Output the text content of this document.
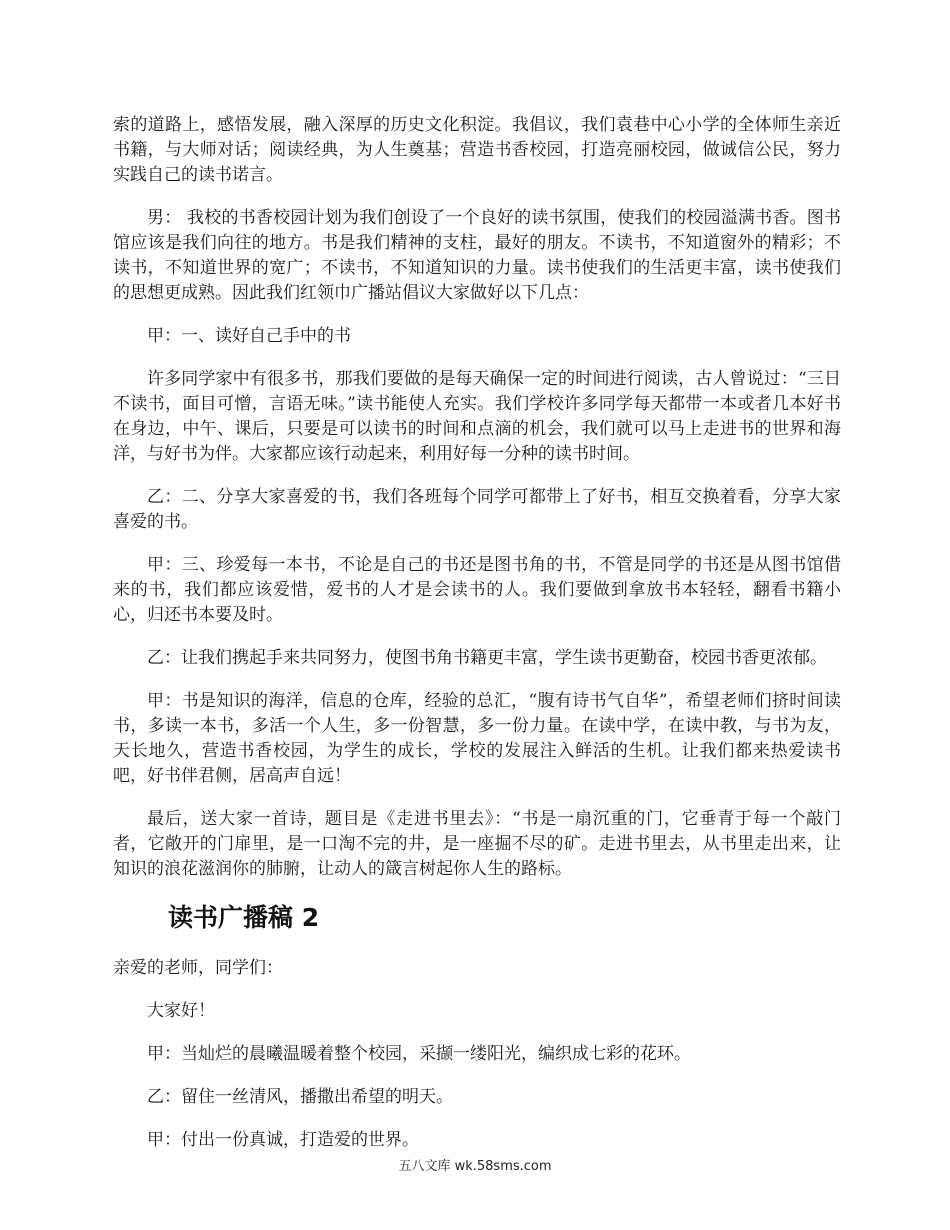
索的道路上，感悟发展，融入深厚的历史文化积淀。我倡议，我们袁巷中心小学的全体师生亲近书籍，与大师对话；阅读经典，为人生奠基；营造书香校园，打造亮丽校园，做诚信公民，努力实践自己的读书诺言。

男： 我校的书香校园计划为我们创设了一个良好的读书氛围，使我们的校园溢满书香。图书馆应该是我们向往的地方。书是我们精神的支柱，最好的朋友。不读书，不知道窗外的精彩；不读书，不知道世界的宽广；不读书，不知道知识的力量。读书使我们的生活更丰富，读书使我们的思想更成熟。因此我们红领巾广播站倡议大家做好以下几点：

甲：一、读好自己手中的书

许多同学家中有很多书，那我们要做的是每天确保一定的时间进行阅读，古人曾说过：“三日不读书，面目可憎，言语无味。”读书能使人充实。我们学校许多同学每天都带一本或者几本好书在身边，中午、课后，只要是可以读书的时间和点滴的机会，我们就可以马上走进书的世界和海洋，与好书为伴。大家都应该行动起来，利用好每一分种的读书时间。

乙：二、分享大家喜爱的书，我们各班每个同学可都带上了好书，相互交换着看，分享大家喜爱的书。

甲：三、珍爱每一本书，不论是自己的书还是图书角的书，不管是同学的书还是从图书馆借来的书，我们都应该爱惜，爱书的人才是会读书的人。我们要做到拿放书本轻轻，翻看书籍小心，归还书本要及时。

乙：让我们携起手来共同努力，使图书角书籍更丰富，学生读书更勤奋，校园书香更浓郁。

甲：书是知识的海洋，信息的仓库，经验的总汇，“腹有诗书气自华”，希望老师们挤时间读书，多读一本书，多活一个人生，多一份智慧，多一份力量。在读中学，在读中教，与书为友，天长地久，营造书香校园，为学生的成长，学校的发展注入鲜活的生机。让我们都来热爱读书吧，好书伴君侧，居高声自远！

最后，送大家一首诗，题目是《走进书里去》：“书是一扇沉重的门，它垂青于每一个敲门者，它敞开的门扉里，是一口淘不完的井，是一座掘不尽的矿。走进书里去，从书里走出来，让知识的浪花滋润你的肺腑，让动人的箴言树起你人生的路标。

读书广播稿 2

亲爱的老师，同学们：

大家好！

甲：当灿烂的晨曦温暖着整个校园，采撷一缕阳光，编织成七彩的花环。

乙：留住一丝清风，播撒出希望的明天。

甲：付出一份真诚，打造爱的世界。

五八文库 wk.58sms.com
